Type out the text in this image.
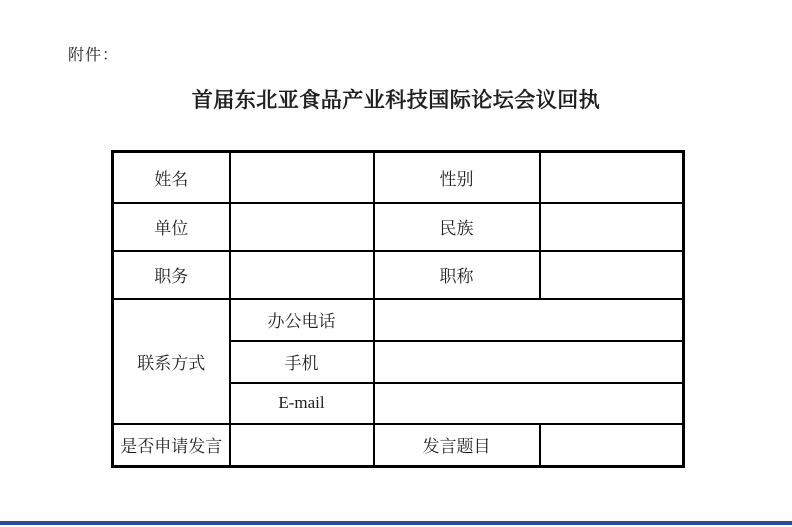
附件：
首届东北亚食品产业科技国际论坛会议回执
姓名		性别	
单位		民族	
职务		职称	
联系方式	办公电话		
	手机		
	E-mail		
是否申请发言		发言题目	
